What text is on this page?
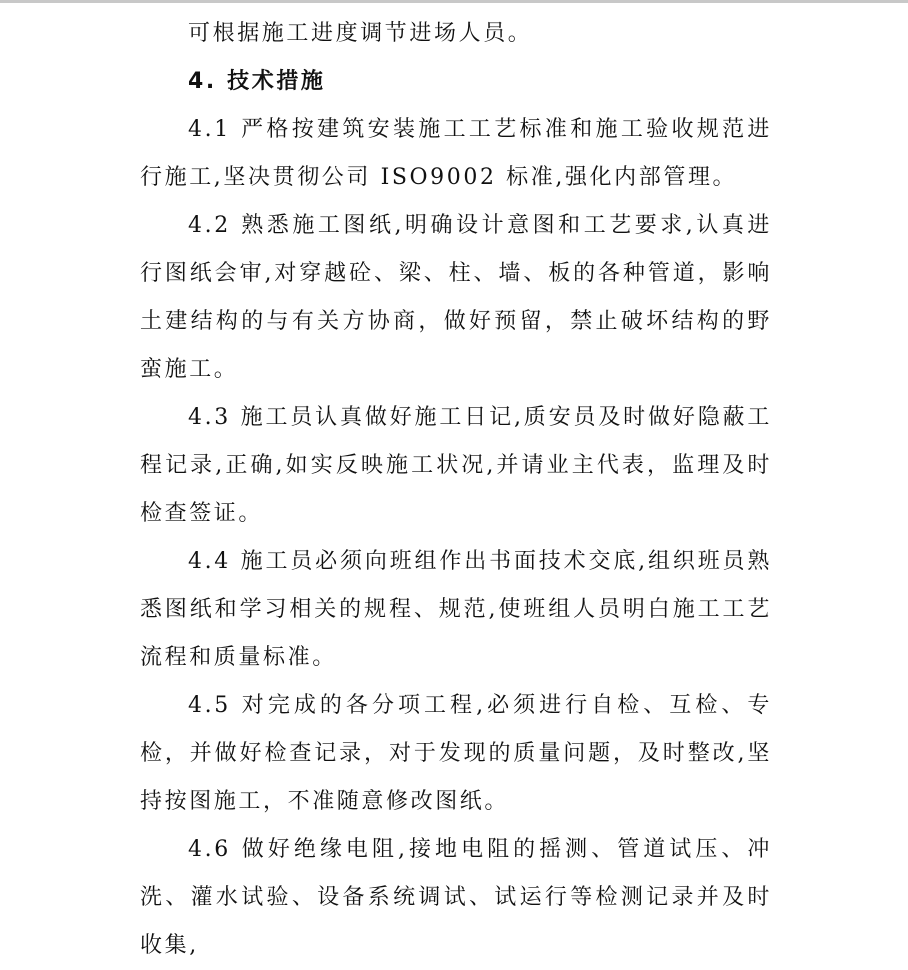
可根据施工进度调节进场人员。

4. 技术措施

4.1 严格按建筑安装施工工艺标准和施工验收规范进行施工,坚决贯彻公司 ISO9002 标准,强化内部管理。

4.2 熟悉施工图纸,明确设计意图和工艺要求,认真进行图纸会审,对穿越砼、梁、柱、墙、板的各种管道，影响土建结构的与有关方协商，做好预留，禁止破坏结构的野蛮施工。

4.3 施工员认真做好施工日记,质安员及时做好隐蔽工程记录,正确,如实反映施工状况,并请业主代表，监理及时检查签证。

4.4 施工员必须向班组作出书面技术交底,组织班员熟悉图纸和学习相关的规程、规范,使班组人员明白施工工艺流程和质量标准。

4.5 对完成的各分项工程,必须进行自检、互检、专检，并做好检查记录，对于发现的质量问题，及时整改,坚持按图施工，不准随意修改图纸。

4.6 做好绝缘电阻,接地电阻的摇测、管道试压、冲洗、灌水试验、设备系统调试、试运行等检测记录并及时收集,
